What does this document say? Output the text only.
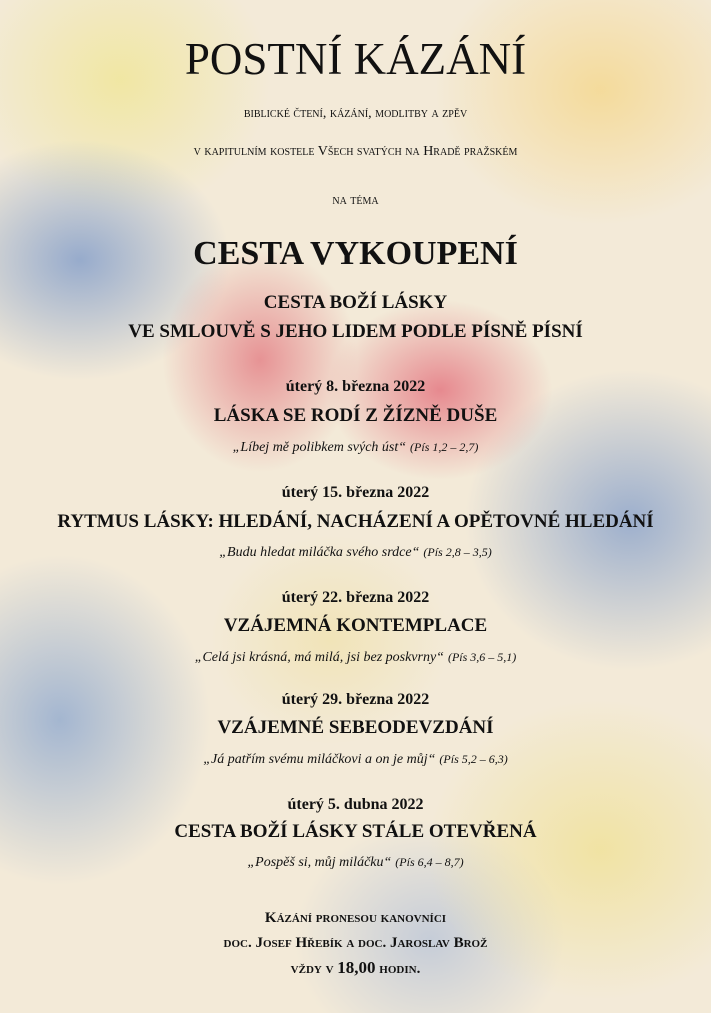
POSTNÍ KÁZÁNÍ
biblické čtení, kázání, modlitby a zpěv
v kapitulním kostele Všech svatých na Hradě pražském
na téma
CESTA VYKOUPENÍ
CESTA BOŽÍ LÁSKY
VE SMLOUVĚ S JEHO LIDEM PODLE PÍSNĚ PÍSNÍ
úterý 8. března 2022
LÁSKA SE RODÍ Z ŽÍZNĚ DUŠE
„Líbej mě polibkem svých úst“ (Pís 1,2 – 2,7)
úterý 15. března 2022
RYTMUS LÁSKY: HLEDÁNÍ, NACHÁZENÍ A OPĚTOVNÉ HLEDÁNÍ
„Budu hledat miláčka svého srdce“ (Pís 2,8 – 3,5)
úterý 22. března 2022
VZÁJEMNÁ KONTEMPLACE
„Celá jsi krásná, má milá, jsi bez poskvrny“ (Pís 3,6 – 5,1)
úterý 29. března 2022
VZÁJEMNÉ SEBEODEVZDÁNÍ
„Já patřím svému miláčkovi a on je můj“ (Pís 5,2 – 6,3)
úterý 5. dubna 2022
CESTA BOŽÍ LÁSKY STÁLE OTEVŘENÁ
„Pospěš si, můj miláčku“ (Pís 6,4 – 8,7)
Kázání pronesou kanovníci
doc. Josef Hřebík a doc. Jaroslav Brož
vždy v 18,00 hodin.
